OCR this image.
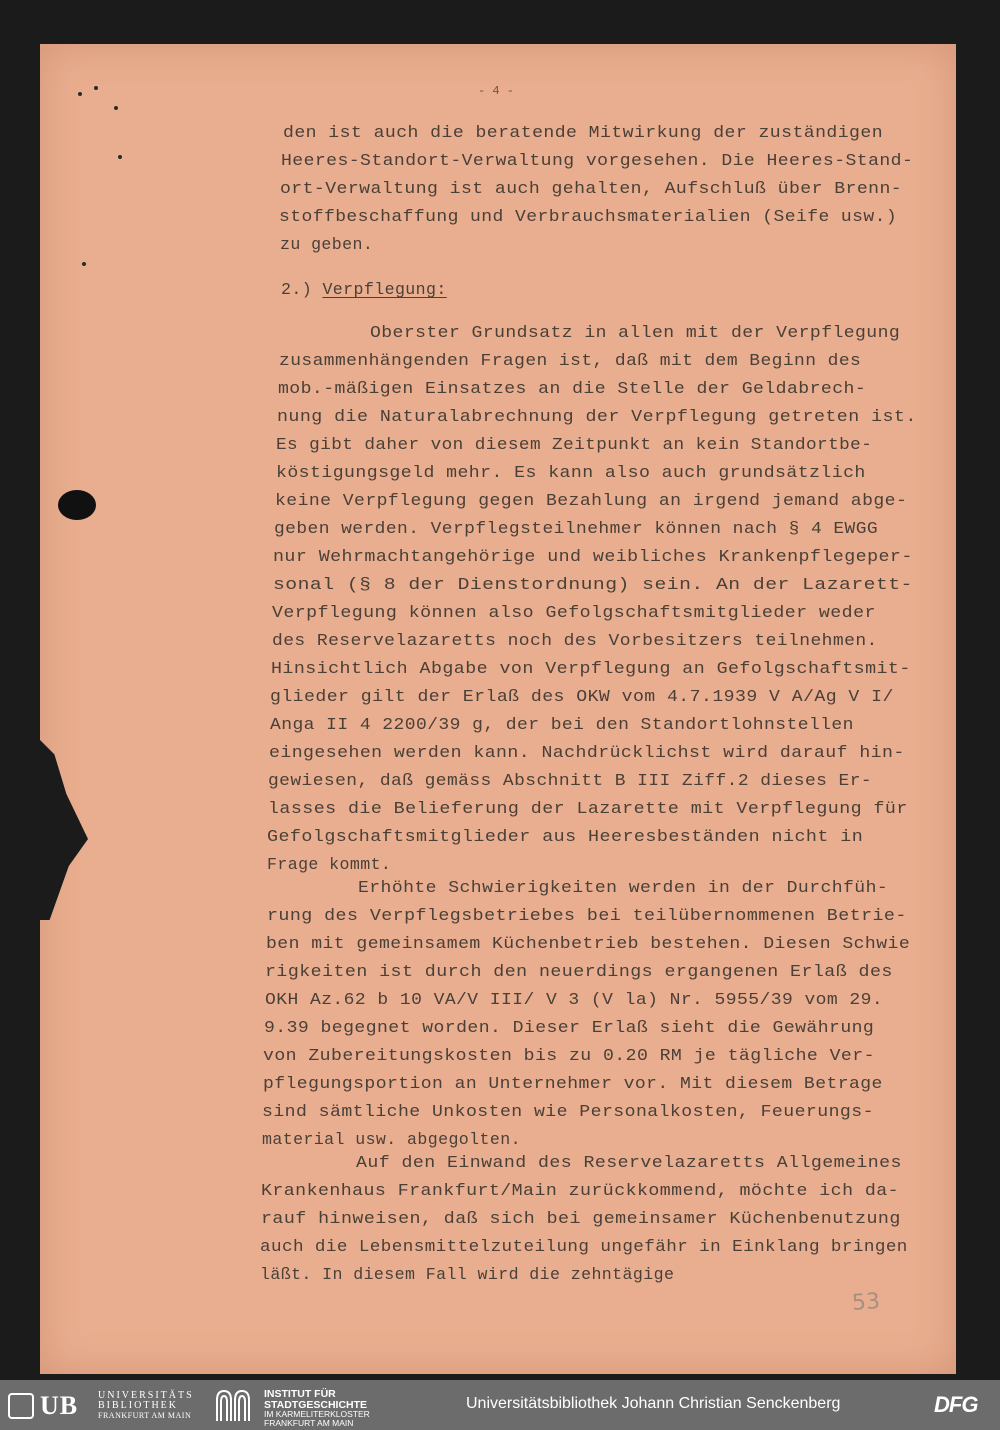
- 4 -
den ist auch die beratende Mitwirkung der zuständigen
Heeres-Standort-Verwaltung vorgesehen. Die Heeres-Stand-
ort-Verwaltung ist auch gehalten, Aufschluß über Brenn-
stoffbeschaffung und Verbrauchsmaterialien (Seife usw.)
zu geben.
2.) Verpflegung:
Oberster Grundsatz in allen mit der Verpflegung
zusammenhängenden Fragen ist, daß mit dem Beginn des
mob.-mäßigen Einsatzes an die Stelle der Geldabrech-
nung die Naturalabrechnung der Verpflegung getreten ist.
Es gibt daher von diesem Zeitpunkt an kein Standortbe-
köstigungsgeld mehr. Es kann also auch grundsätzlich
keine Verpflegung gegen Bezahlung an irgend jemand abge-
geben werden. Verpflegsteilnehmer können nach § 4 EWGG
nur Wehrmachtangehörige und weibliches Krankenpflegeper-
sonal (§ 8 der Dienstordnung) sein. An der Lazarett-
Verpflegung können also Gefolgschaftsmitglieder weder
des Reservelazaretts noch des Vorbesitzers teilnehmen.
Hinsichtlich Abgabe von Verpflegung an Gefolgschaftsmit-
glieder gilt der Erlaß des OKW vom 4.7.1939 V A/Ag V I/
Anga II 4 2200/39 g, der bei den Standortlohnstellen
eingesehen werden kann. Nachdrücklichst wird darauf hin-
gewiesen, daß gemäss Abschnitt B III Ziff.2 dieses Er-
lasses die Belieferung der Lazarette mit Verpflegung für
Gefolgschaftsmitglieder aus Heeresbeständen nicht in
Frage kommt.
Erhöhte Schwierigkeiten werden in der Durchfüh-
rung des Verpflegsbetriebes bei teilübernommenen Betrie-
ben mit gemeinsamem Küchenbetrieb bestehen. Diesen Schwie
rigkeiten ist durch den neuerdings ergangenen Erlaß des
OKH Az.62 b 10 VA/V III/ V 3 (V la) Nr. 5955/39 vom 29.
9.39 begegnet worden. Dieser Erlaß sieht die Gewährung
von Zubereitungskosten bis zu 0.20 RM je tägliche Ver-
pflegungsportion an Unternehmer vor. Mit diesem Betrage
sind sämtliche Unkosten wie Personalkosten, Feuerungs-
material usw. abgegolten.
Auf den Einwand des Reservelazaretts Allgemeines
Krankenhaus Frankfurt/Main zurückkommend, möchte ich da-
rauf hinweisen, daß sich bei gemeinsamer Küchenbenutzung
auch die Lebensmittelzuteilung ungefähr in Einklang bringen
läßt. In diesem Fall wird die zehntägige
53
UB UNIVERSITÄTS
BIBLIOTHEK
FRANKFURT AM MAIN
INSTITUT FÜR
STADTGESCHICHTE
IM KARMELITERKLOSTER
FRANKFURT AM MAIN
Universitätsbibliothek Johann Christian Senckenberg	DFG
